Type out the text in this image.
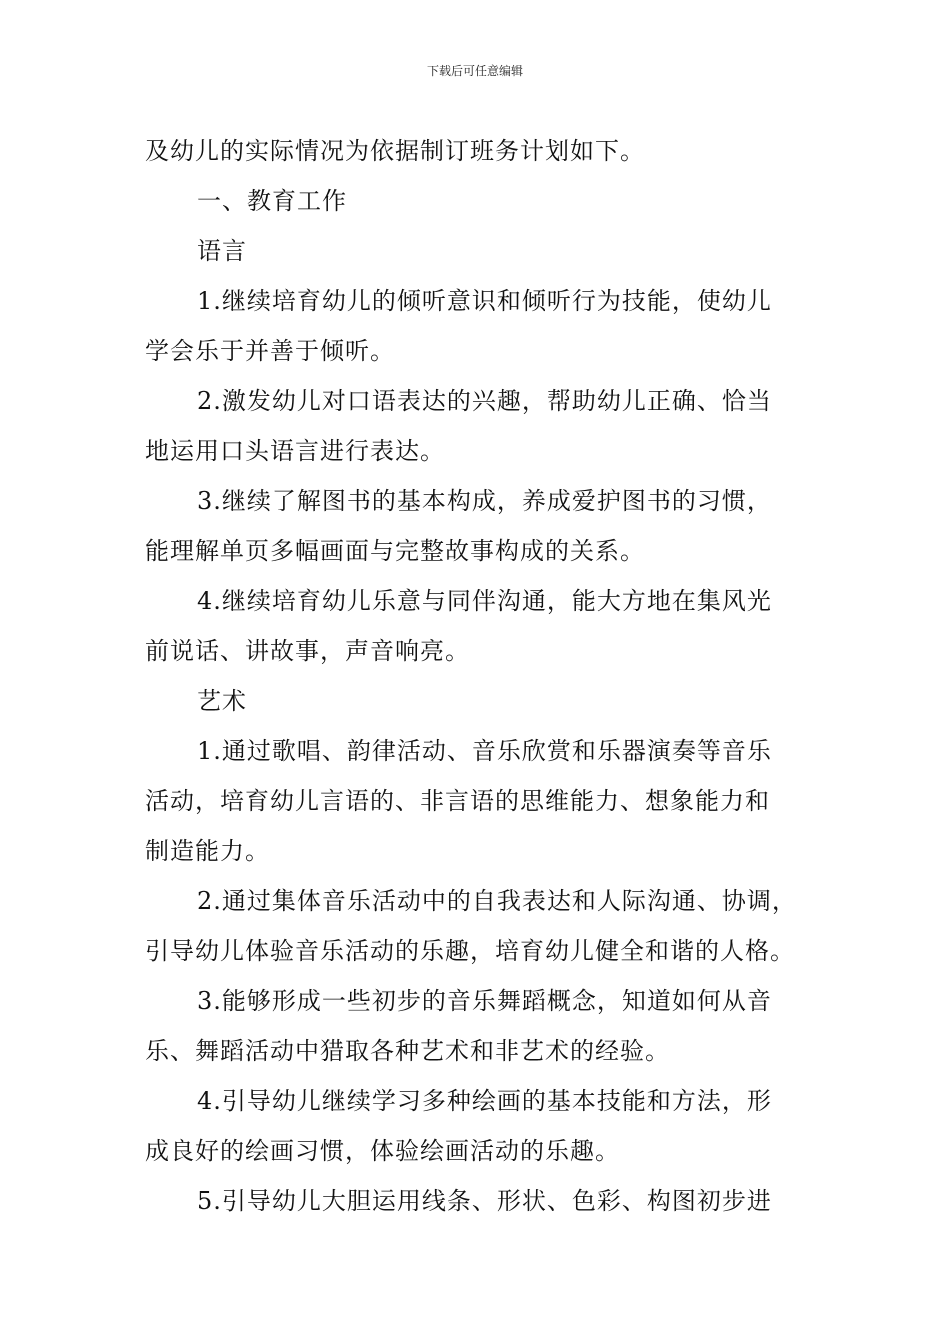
下载后可任意编辑

及幼儿的实际情况为依据制订班务计划如下。

一、教育工作

语言

1.继续培育幼儿的倾听意识和倾听行为技能，使幼儿
学会乐于并善于倾听。

2.激发幼儿对口语表达的兴趣，帮助幼儿正确、恰当
地运用口头语言进行表达。

3.继续了解图书的基本构成，养成爱护图书的习惯，
能理解单页多幅画面与完整故事构成的关系。

4.继续培育幼儿乐意与同伴沟通，能大方地在集风光
前说话、讲故事，声音响亮。

艺术

1.通过歌唱、韵律活动、音乐欣赏和乐器演奏等音乐
活动，培育幼儿言语的、非言语的思维能力、想象能力和
制造能力。

2.通过集体音乐活动中的自我表达和人际沟通、协调，
引导幼儿体验音乐活动的乐趣，培育幼儿健全和谐的人格。

3.能够形成一些初步的音乐舞蹈概念，知道如何从音
乐、舞蹈活动中猎取各种艺术和非艺术的经验。

4.引导幼儿继续学习多种绘画的基本技能和方法，形
成良好的绘画习惯，体验绘画活动的乐趣。

5.引导幼儿大胆运用线条、形状、色彩、构图初步进
